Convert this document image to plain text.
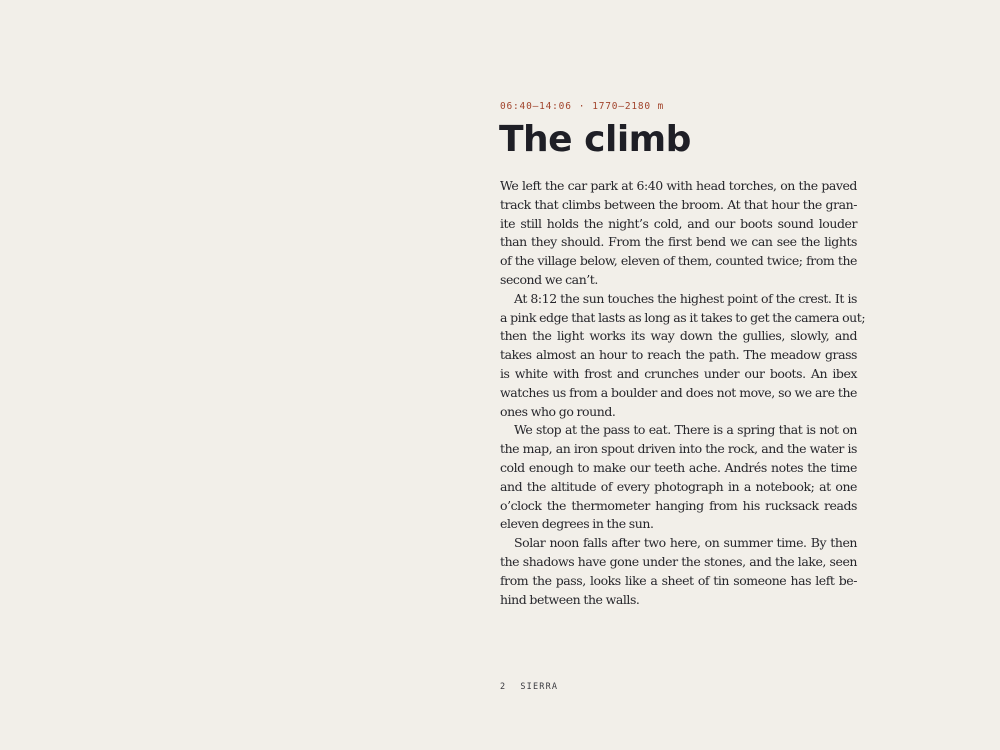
06:40–14:06 · 1770–2180 m
The climb
We left the car park at 6:40 with head torches, on the paved
track that climbs between the broom. At that hour the gran-
ite still holds the night’s cold, and our boots sound louder
than they should. From the first bend we can see the lights
of the village below, eleven of them, counted twice; from the
second we can’t.
At 8:12 the sun touches the highest point of the crest. It is
a pink edge that lasts as long as it takes to get the camera out;
then the light works its way down the gullies, slowly, and
takes almost an hour to reach the path. The meadow grass
is white with frost and crunches under our boots. An ibex
watches us from a boulder and does not move, so we are the
ones who go round.
We stop at the pass to eat. There is a spring that is not on
the map, an iron spout driven into the rock, and the water is
cold enough to make our teeth ache. Andrés notes the time
and the altitude of every photograph in a notebook; at one
o’clock the thermometer hanging from his rucksack reads
eleven degrees in the sun.
Solar noon falls after two here, on summer time. By then
the shadows have gone under the stones, and the lake, seen
from the pass, looks like a sheet of tin someone has left be-
hind between the walls.
2 SIERRA
